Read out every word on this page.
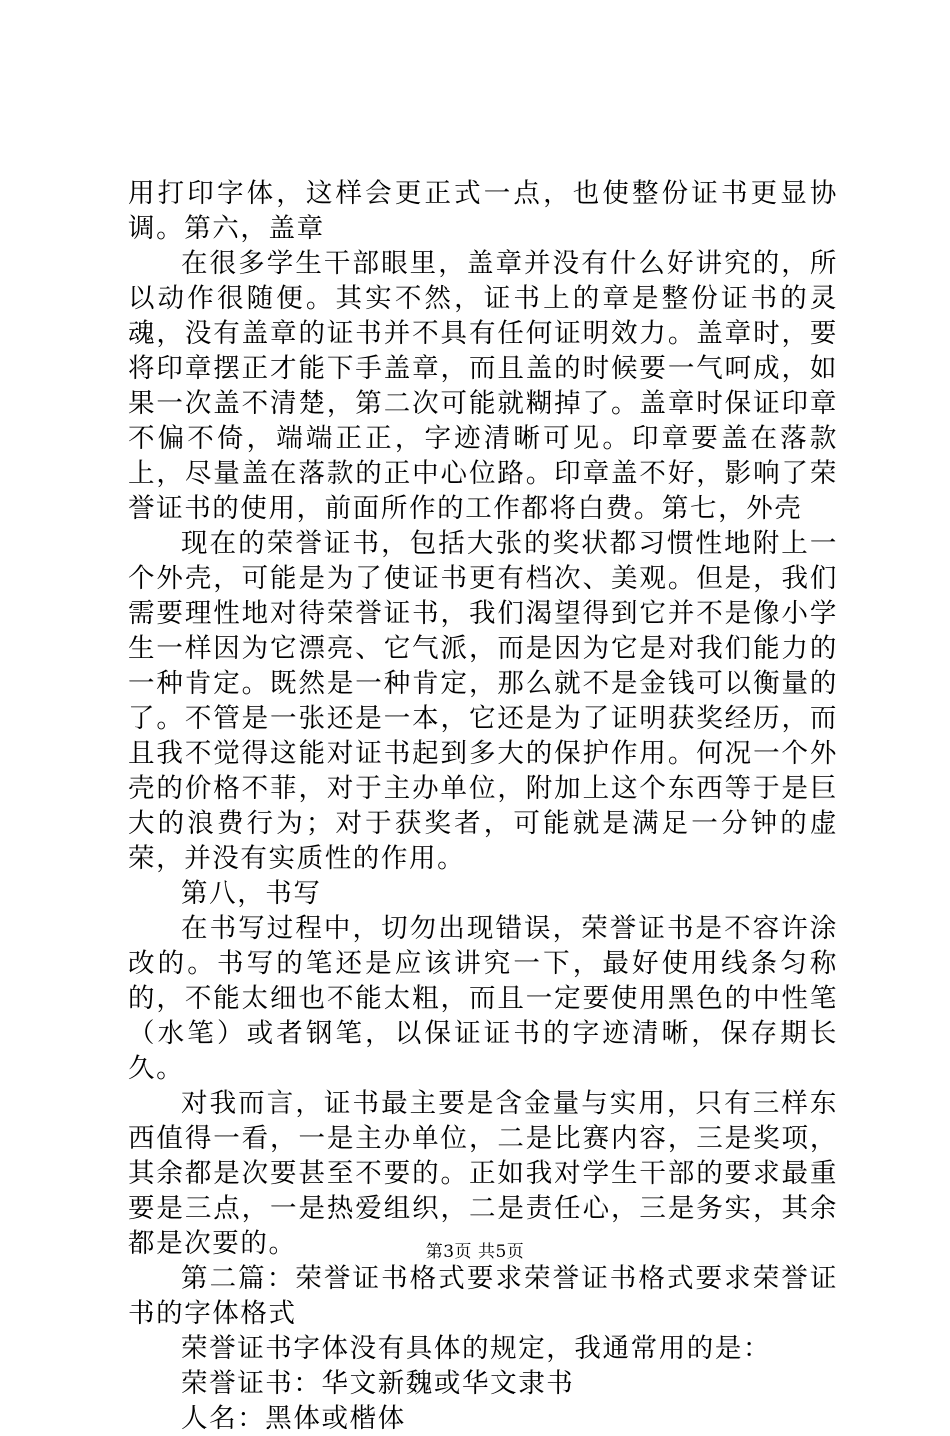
用打印字体，这样会更正式一点，也使整份证书更显协调。第六，盖章

在很多学生干部眼里，盖章并没有什么好讲究的，所以动作很随便。其实不然，证书上的章是整份证书的灵魂，没有盖章的证书并不具有任何证明效力。盖章时，要将印章摆正才能下手盖章，而且盖的时候要一气呵成，如果一次盖不清楚，第二次可能就糊掉了。盖章时保证印章不偏不倚，端端正正，字迹清晰可见。印章要盖在落款上，尽量盖在落款的正中心位路。印章盖不好，影响了荣誉证书的使用，前面所作的工作都将白费。第七，外壳

现在的荣誉证书，包括大张的奖状都习惯性地附上一个外壳，可能是为了使证书更有档次、美观。但是，我们需要理性地对待荣誉证书，我们渴望得到它并不是像小学生一样因为它漂亮、它气派，而是因为它是对我们能力的一种肯定。既然是一种肯定，那么就不是金钱可以衡量的了。不管是一张还是一本，它还是为了证明获奖经历，而且我不觉得这能对证书起到多大的保护作用。何况一个外壳的价格不菲，对于主办单位，附加上这个东西等于是巨大的浪费行为；对于获奖者，可能就是满足一分钟的虚荣，并没有实质性的作用。

第八，书写

在书写过程中，切勿出现错误，荣誉证书是不容许涂改的。书写的笔还是应该讲究一下，最好使用线条匀称的，不能太细也不能太粗，而且一定要使用黑色的中性笔（水笔）或者钢笔，以保证证书的字迹清晰，保存期长久。

对我而言，证书最主要是含金量与实用，只有三样东西值得一看，一是主办单位，二是比赛内容，三是奖项，其余都是次要甚至不要的。正如我对学生干部的要求最重要是三点，一是热爱组织，二是责任心，三是务实，其余都是次要的。

第二篇：荣誉证书格式要求荣誉证书格式要求荣誉证书的字体格式

荣誉证书字体没有具体的规定，我通常用的是：

荣誉证书：华文新魏或华文隶书

人名：黑体或楷体

第3页 共5页
